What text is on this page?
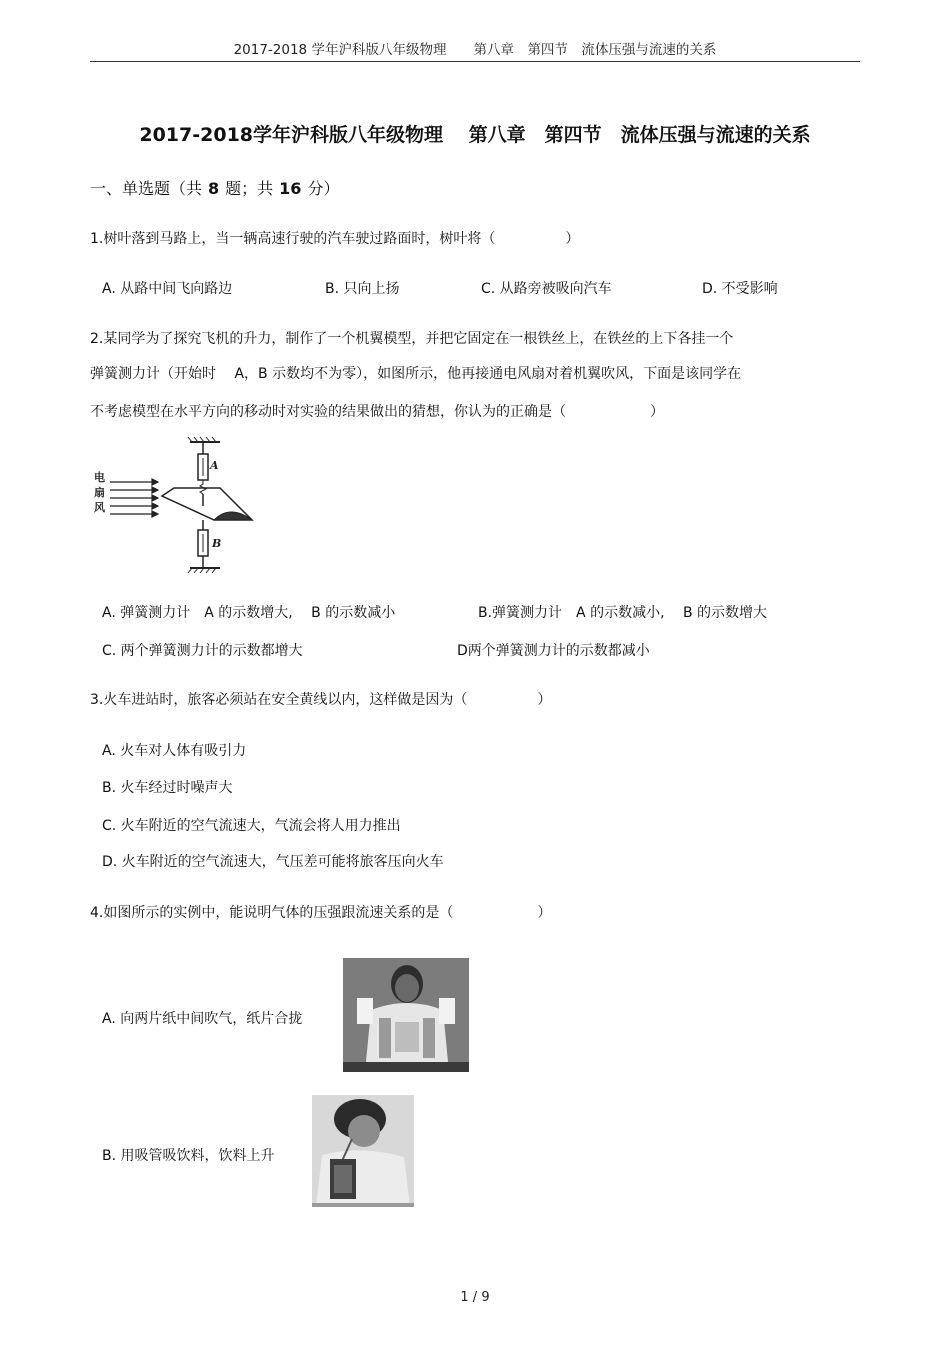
2017-2018 学年沪科版八年级物理　　第八章　第四节　流体压强与流速的关系
2017-2018学年沪科版八年级物理　 第八章　第四节　流体压强与流速的关系
一、单选题（共 8 题；共 16 分）
1.树叶落到马路上，当一辆高速行驶的汽车驶过路面时，树叶将（　　　　　）
A. 从路中间飞向路边	B. 只向上扬	C. 从路旁被吸向汽车	D. 不受影响
2.某同学为了探究飞机的升力，制作了一个机翼模型，并把它固定在一根铁丝上，在铁丝的上下各挂一个
弹簧测力计（开始时　 A，B 示数均不为零），如图所示，他再接通电风扇对着机翼吹风，下面是该同学在
不考虑模型在水平方向的移动时对实验的结果做出的猜想，你认为的正确是（　　　　　　）
A
电
扇
风
B
A. 弹簧测力计　A 的示数增大,　 B 的示数减小	B.弹簧测力计　A 的示数减小,　 B 的示数增大
C. 两个弹簧测力计的示数都增大	D两个弹簧测力计的示数都减小
3.火车进站时，旅客必须站在安全黄线以内，这样做是因为（　　　　　）
A. 火车对人体有吸引力
B. 火车经过时噪声大
C. 火车附近的空气流速大，气流会将人用力推出
D. 火车附近的空气流速大，气压差可能将旅客压向火车
4.如图所示的实例中，能说明气体的压强跟流速关系的是（　　　　　　）
A. 向两片纸中间吹气，纸片合拢
B. 用吸管吸饮料，饮料上升
1 / 9
